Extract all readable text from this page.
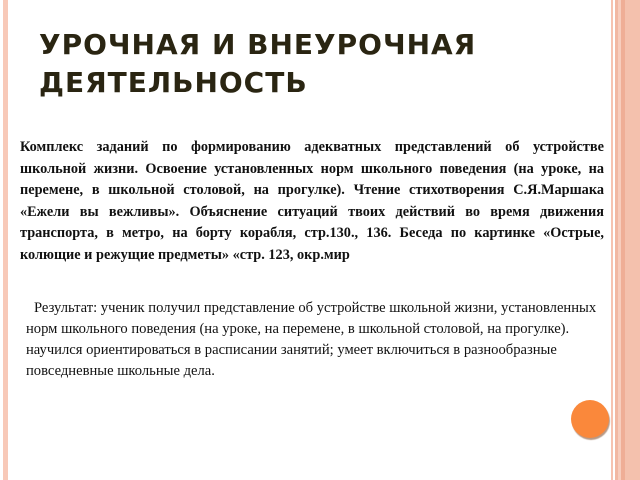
УРОЧНАЯ И ВНЕУРОЧНАЯ ДЕЯТЕЛЬНОСТЬ

Комплекс заданий по формированию адекватных представлений об устройстве школьной жизни. Освоение установленных норм школьного поведения (на уроке, на перемене, в школьной столовой, на прогулке). Чтение стихотворения С.Я.Маршака «Ежели вы вежливы». Объяснение ситуаций твоих действий во время движения транспорта, в метро, на борту корабля, стр.130., 136. Беседа по картинке «Острые, колющие и режущие предметы» «стр. 123, окр.мир

Результат: ученик получил представление об устройстве школьной жизни, установленных норм школьного поведения (на уроке, на перемене, в школьной столовой, на прогулке). научился ориентироваться в расписании занятий; умеет включиться в разнообразные повседневные школьные дела.
